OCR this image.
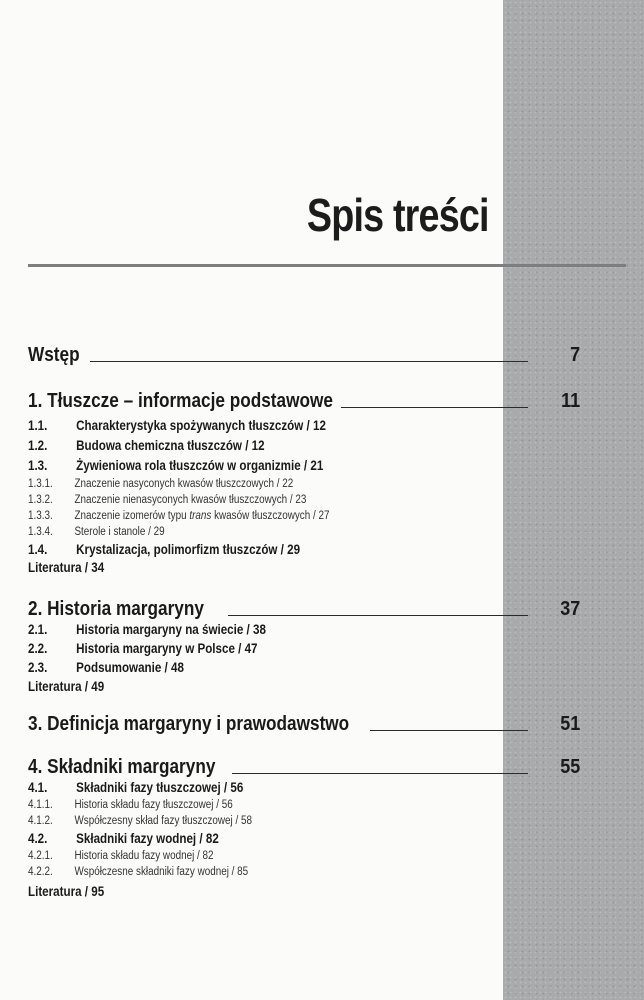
Spis treści
Wstęp	7
1. Tłuszcze – informacje podstawowe	11
1.1. Charakterystyka spożywanych tłuszczów / 12
1.2. Budowa chemiczna tłuszczów / 12
1.3. Żywieniowa rola tłuszczów w organizmie / 21
1.3.1. Znaczenie nasyconych kwasów tłuszczowych / 22
1.3.2. Znaczenie nienasyconych kwasów tłuszczowych / 23
1.3.3. Znaczenie izomerów typu trans kwasów tłuszczowych / 27
1.3.4. Sterole i stanole / 29
1.4. Krystalizacja, polimorfizm tłuszczów / 29
Literatura / 34
2. Historia margaryny	37
2.1. Historia margaryny na świecie / 38
2.2. Historia margaryny w Polsce / 47
2.3. Podsumowanie / 48
Literatura / 49
3. Definicja margaryny i prawodawstwo	51
4. Składniki margaryny	55
4.1. Składniki fazy tłuszczowej / 56
4.1.1. Historia składu fazy tłuszczowej / 56
4.1.2. Współczesny skład fazy tłuszczowej / 58
4.2. Składniki fazy wodnej / 82
4.2.1. Historia składu fazy wodnej / 82
4.2.2. Współczesne składniki fazy wodnej / 85
Literatura / 95
